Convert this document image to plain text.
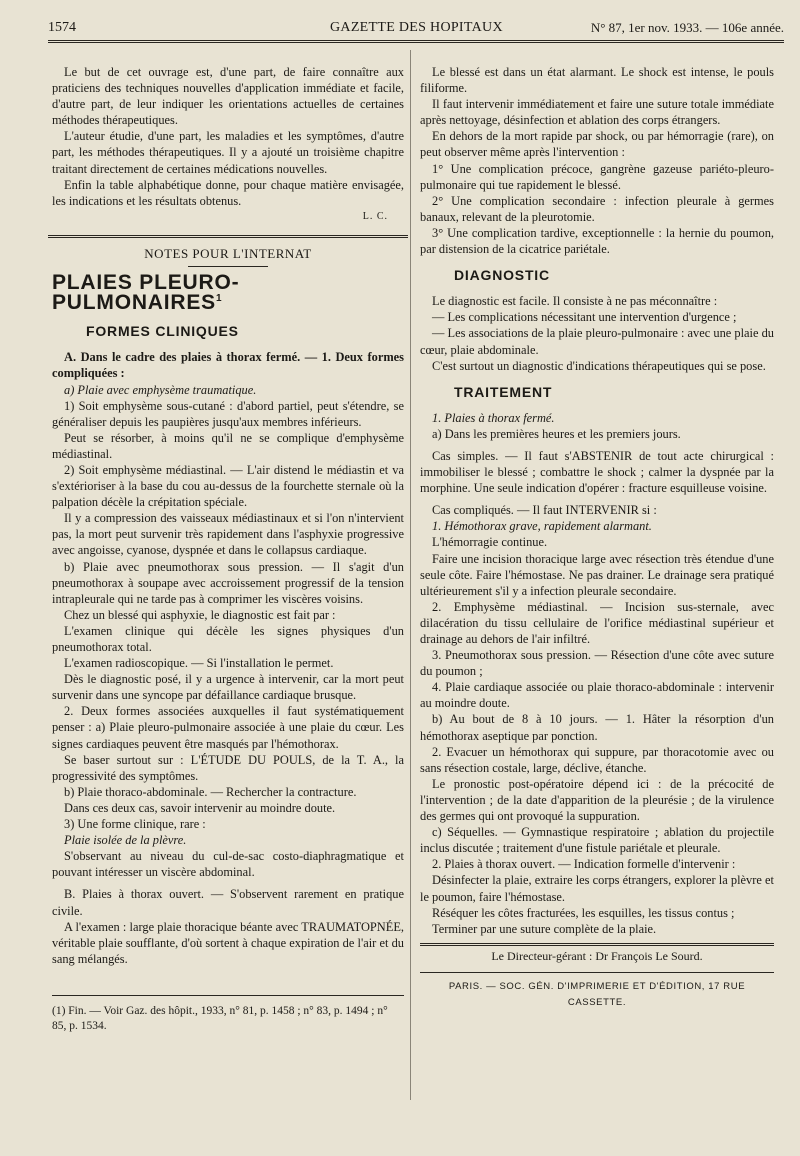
1574	GAZETTE DES HOPITAUX	N° 87, 1er nov. 1933. — 106e année.

Le but de cet ouvrage est, d'une part, de faire connaître aux praticiens des techniques nouvelles d'application immédiate et facile, d'autre part, de leur indiquer les orientations actuelles de certaines méthodes thérapeutiques.

L'auteur étudie, d'une part, les maladies et les symptômes, d'autre part, les méthodes thérapeutiques. Il y a ajouté un troisième chapitre traitant directement de certaines médications nouvelles.

Enfin la table alphabétique donne, pour chaque matière envisagée, les indications et les résultats obtenus.

L. C.
NOTES POUR L'INTERNAT
PLAIES PLEURO-PULMONAIRES$^1$
FORMES CLINIQUES

A. Dans le cadre des plaies à thorax fermé. — 1. Deux formes compliquées :

a) Plaie avec emphysème traumatique.

1) Soit emphysème sous-cutané : d'abord partiel, peut s'étendre, se généraliser depuis les paupières jusqu'aux membres inférieurs.

Peut se résorber, à moins qu'il ne se complique d'emphysème médiastinal.

2) Soit emphysème médiastinal. — L'air distend le médiastin et va s'extérioriser à la base du cou au-dessus de la fourchette sternale où la palpation décèle la crépitation spéciale.

Il y a compression des vaisseaux médiastinaux et si l'on n'intervient pas, la mort peut survenir très rapidement dans l'asphyxie progressive avec angoisse, cyanose, dyspnée et dans le collapsus cardiaque.

b) Plaie avec pneumothorax sous pression. — Il s'agit d'un pneumothorax à soupape avec accroissement progressif de la tension intrapleurale qui ne tarde pas à comprimer les viscères voisins.

Chez un blessé qui asphyxie, le diagnostic est fait par :

L'examen clinique qui décèle les signes physiques d'un pneumothorax total.

L'examen radioscopique. — Si l'installation le permet.

Dès le diagnostic posé, il y a urgence à intervenir, car la mort peut survenir dans une syncope par défaillance cardiaque brusque.

2. Deux formes associées auxquelles il faut systématiquement penser : a) Plaie pleuro-pulmonaire associée à une plaie du cœur. Les signes cardiaques peuvent être masqués par l'hémothorax.

Se baser surtout sur : L'ÉTUDE DU POULS, de la T. A., la progressivité des symptômes.

b) Plaie thoraco-abdominale. — Rechercher la contracture.

Dans ces deux cas, savoir intervenir au moindre doute.

3) Une forme clinique, rare :

Plaie isolée de la plèvre.

S'observant au niveau du cul-de-sac costo-diaphragmatique et pouvant intéresser un viscère abdominal.

B. Plaies à thorax ouvert. — S'observent rarement en pratique civile.

A l'examen : large plaie thoracique béante avec TRAUMATOPNÉE, véritable plaie soufflante, d'où sortent à chaque expiration de l'air et du sang mélangés.

(1) Fin. — Voir Gaz. des hôpit., 1933, n° 81, p. 1458 ; n° 83, p. 1494 ; n° 85, p. 1534.

Le blessé est dans un état alarmant. Le shock est intense, le pouls filiforme.

Il faut intervenir immédiatement et faire une suture totale immédiate après nettoyage, désinfection et ablation des corps étrangers.

En dehors de la mort rapide par shock, ou par hémorragie (rare), on peut observer même après l'intervention :

1° Une complication précoce, gangrène gazeuse pariéto-pleuro-pulmonaire qui tue rapidement le blessé.

2° Une complication secondaire : infection pleurale à germes banaux, relevant de la pleurotomie.

3° Une complication tardive, exceptionnelle : la hernie du poumon, par distension de la cicatrice pariétale.

DIAGNOSTIC

Le diagnostic est facile. Il consiste à ne pas méconnaître :

— Les complications nécessitant une intervention d'urgence ;

— Les associations de la plaie pleuro-pulmonaire : avec une plaie du cœur, plaie abdominale.

C'est surtout un diagnostic d'indications thérapeutiques qui se pose.

TRAITEMENT

1. Plaies à thorax fermé.

a) Dans les premières heures et les premiers jours.

Cas simples. — Il faut s'ABSTENIR de tout acte chirurgical : immobiliser le blessé ; combattre le shock ; calmer la dyspnée par la morphine. Une seule indication d'opérer : fracture esquilleuse voisine.

Cas compliqués. — Il faut INTERVENIR si :

1. Hémothorax grave, rapidement alarmant.

L'hémorragie continue.

Faire une incision thoracique large avec résection très étendue d'une seule côte. Faire l'hémostase. Ne pas drainer. Le drainage sera pratiqué ultérieurement s'il y a infection pleurale secondaire.

2. Emphysème médiastinal. — Incision sus-sternale, avec dilacération du tissu cellulaire de l'orifice médiastinal supérieur et drainage au dehors de l'air infiltré.

3. Pneumothorax sous pression. — Résection d'une côte avec suture du poumon ;

4. Plaie cardiaque associée ou plaie thoraco-abdominale : intervenir au moindre doute.

b) Au bout de 8 à 10 jours. — 1. Hâter la résorption d'un hémothorax aseptique par ponction.

2. Evacuer un hémothorax qui suppure, par thoracotomie avec ou sans résection costale, large, déclive, étanche.

Le pronostic post-opératoire dépend ici : de la précocité de l'intervention ; de la date d'apparition de la pleurésie ; de la virulence des germes qui ont provoqué la suppuration.

c) Séquelles. — Gymnastique respiratoire ; ablation du projectile inclus discutée ; traitement d'une fistule pariétale et pleurale.

2. Plaies à thorax ouvert. — Indication formelle d'intervenir :

Désinfecter la plaie, extraire les corps étrangers, explorer la plèvre et le poumon, faire l'hémostase.

Réséquer les côtes fracturées, les esquilles, les tissus contus ;

Terminer par une suture complète de la plaie.

Le Directeur-gérant : Dr François Le Sourd.
PARIS. — SOC. GÉN. D'IMPRIMERIE ET D'ÉDITION, 17 RUE CASSETTE.
